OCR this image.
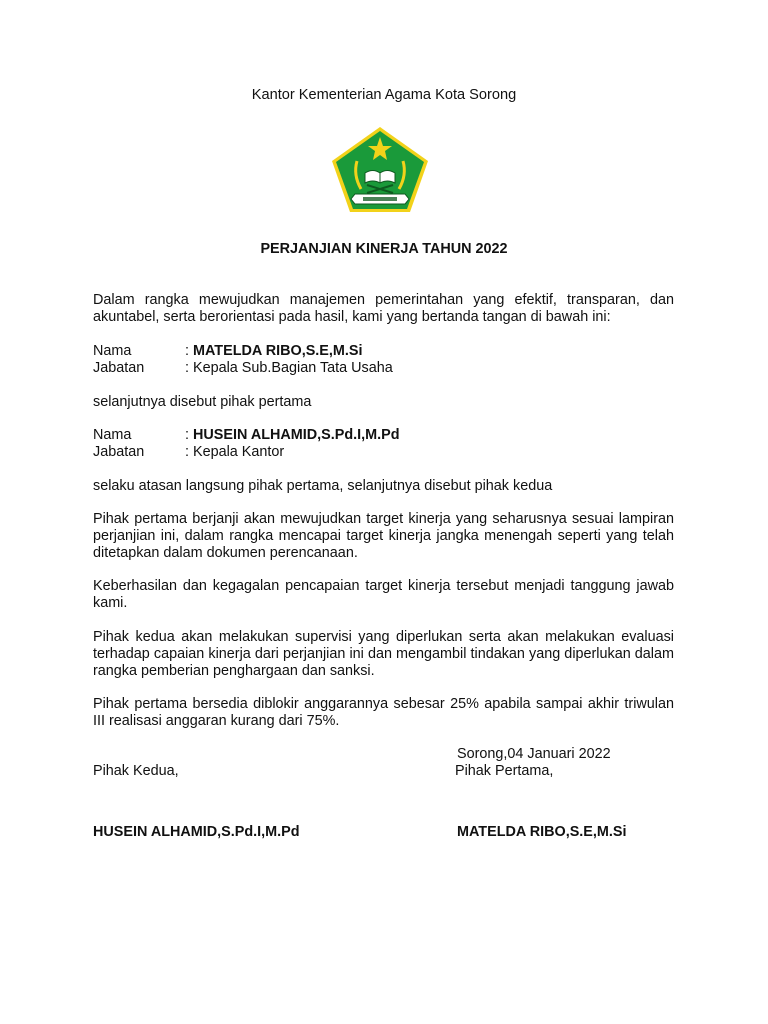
Kantor Kementerian Agama Kota Sorong
PERJANJIAN KINERJA TAHUN 2022
Dalam rangka mewujudkan manajemen pemerintahan yang efektif, transparan, dan akuntabel, serta berorientasi pada hasil, kami yang bertanda tangan di bawah ini:
Nama	: MATELDA RIBO,S.E,M.Si
Jabatan	: Kepala Sub.Bagian Tata Usaha
selanjutnya disebut pihak pertama
Nama	: HUSEIN ALHAMID,S.Pd.I,M.Pd
Jabatan	: Kepala Kantor
selaku atasan langsung pihak pertama, selanjutnya disebut pihak kedua
Pihak pertama berjanji akan mewujudkan target kinerja yang seharusnya sesuai lampiran perjanjian ini, dalam rangka mencapai target kinerja jangka menengah seperti yang telah ditetapkan dalam dokumen perencanaan.
Keberhasilan dan kegagalan pencapaian target kinerja tersebut menjadi tanggung jawab kami.
Pihak kedua akan melakukan supervisi yang diperlukan serta akan melakukan evaluasi terhadap capaian kinerja dari perjanjian ini dan mengambil tindakan yang diperlukan dalam rangka pemberian penghargaan dan sanksi.
Pihak pertama bersedia diblokir anggarannya sebesar 25% apabila sampai akhir triwulan III realisasi anggaran kurang dari 75%.
Sorong,04 Januari 2022
Pihak Kedua,	Pihak Pertama,
HUSEIN ALHAMID,S.Pd.I,M.Pd	MATELDA RIBO,S.E,M.Si
